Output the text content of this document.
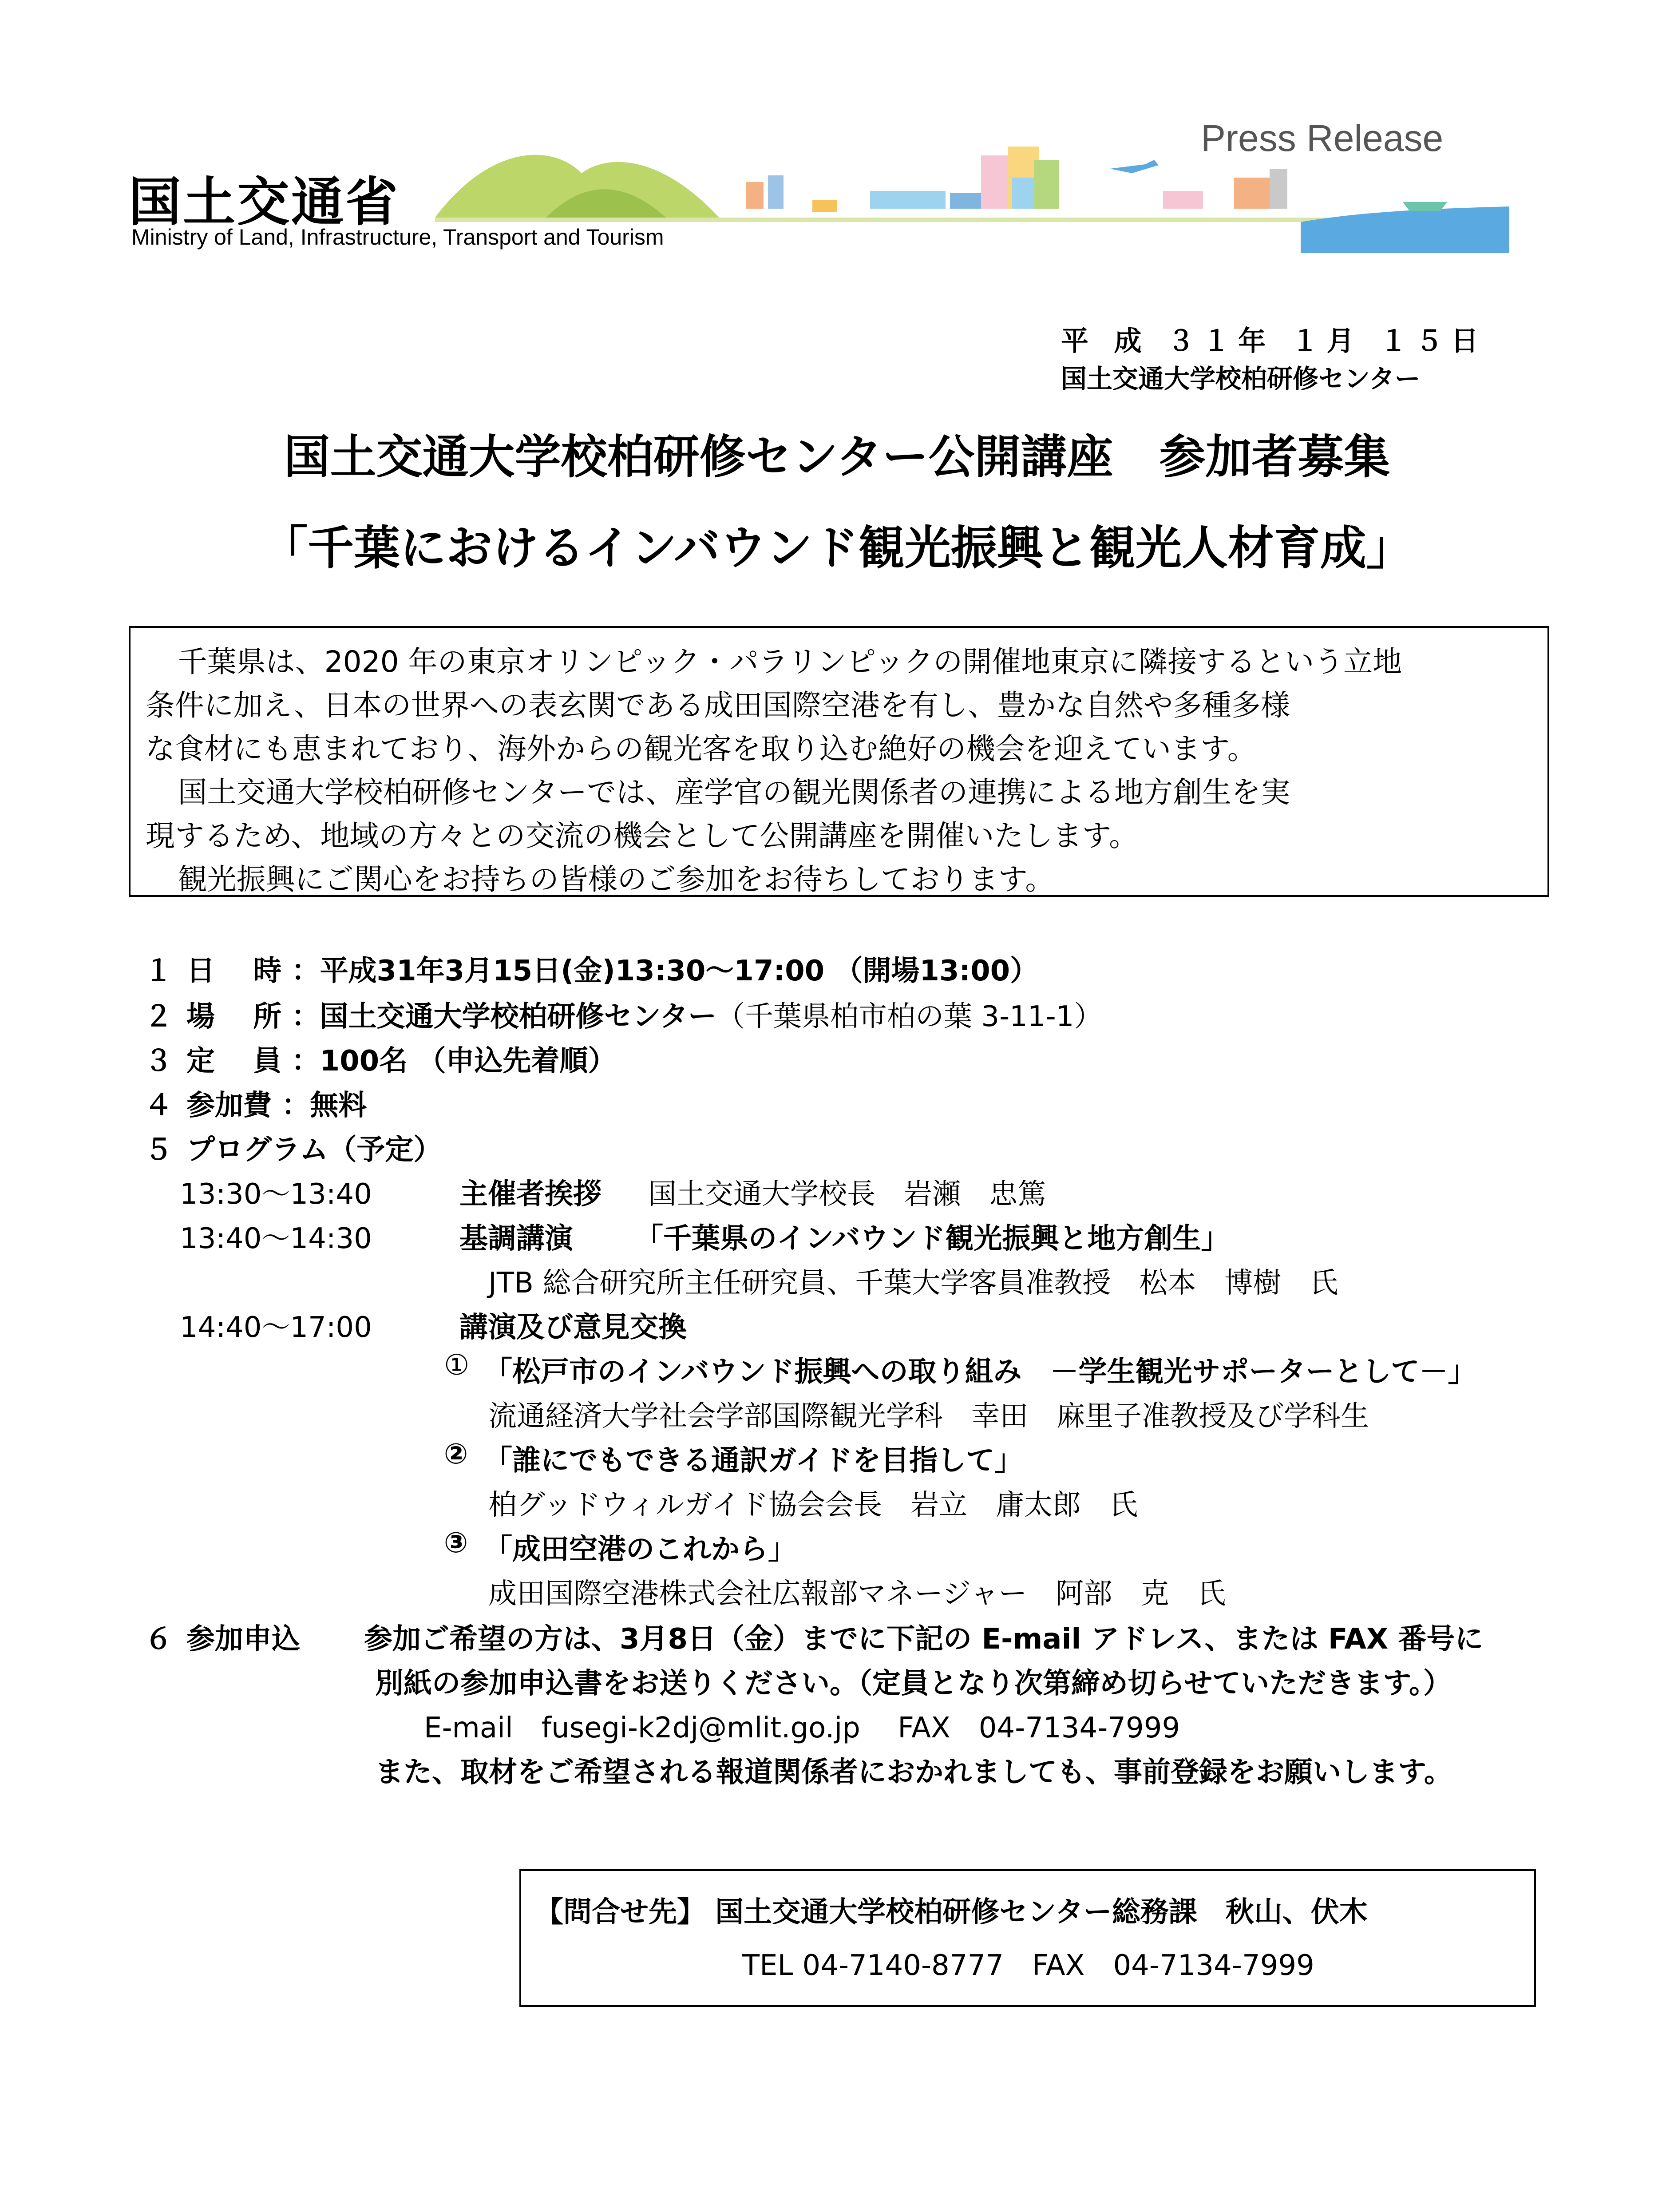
国土交通省
Ministry of Land, Infrastructure, Transport and Tourism
Press Release
平 成 ３１年 １月 １５日
国土交通大学校柏研修センター
国土交通大学校柏研修センター公開講座　参加者募集
「千葉におけるインバウンド観光振興と観光人材育成」

千葉県は、2020 年の東京オリンピック・パラリンピックの開催地東京に隣接するという立地

条件に加え、日本の世界への表玄関である成田国際空港を有し、豊かな自然や多種多様

な食材にも恵まれており、海外からの観光客を取り込む絶好の機会を迎えています。

国土交通大学校柏研修センターでは、産学官の観光関係者の連携による地方創生を実

現するため、地域の方々との交流の機会として公開講座を開催いたします。

観光振興にご関心をお持ちの皆様のご参加をお待ちしております。

１ 日　 時 ：平成31年3月15日(金)13:30～17:00 （開場13:00）
２ 場　 所 ：国土交通大学校柏研修センター（千葉県柏市柏の葉 3-11-1）
３ 定　 員 ：100名 （申込先着順）
４ 参加費 ：無料
５ プログラム（予定）
13:30～13:40	主催者挨拶 国土交通大学校長　岩瀬　忠篤
13:40～14:30	基調講演 「千葉県のインバウンド観光振興と地方創生」
JTB 総合研究所主任研究員、千葉大学客員准教授　松本　博樹　氏
14:40～17:00	講演及び意見交換
① 「松戸市のインバウンド振興への取り組み　－学生観光サポーターとして－」
流通経済大学社会学部国際観光学科　幸田　麻里子准教授及び学科生
② 「誰にでもできる通訳ガイドを目指して」
柏グッドウィルガイド協会会長　岩立　庸太郎　氏
③ 「成田空港のこれから」
成田国際空港株式会社広報部マネージャー　阿部　克　氏
６ 参加申込 参加ご希望の方は、3月8日（金）までに下記の E-mail アドレス、または FAX 番号に
別紙の参加申込書をお送りください。（定員となり次第締め切らせていただきます。）
E-mail　fusegi-k2dj@mlit.go.jp　 FAX　04-7134-7999
また、取材をご希望される報道関係者におかれましても、事前登録をお願いします。
【問合せ先】 国土交通大学校柏研修センター総務課　秋山、伏木
TEL 04-7140-8777　FAX　04-7134-7999
